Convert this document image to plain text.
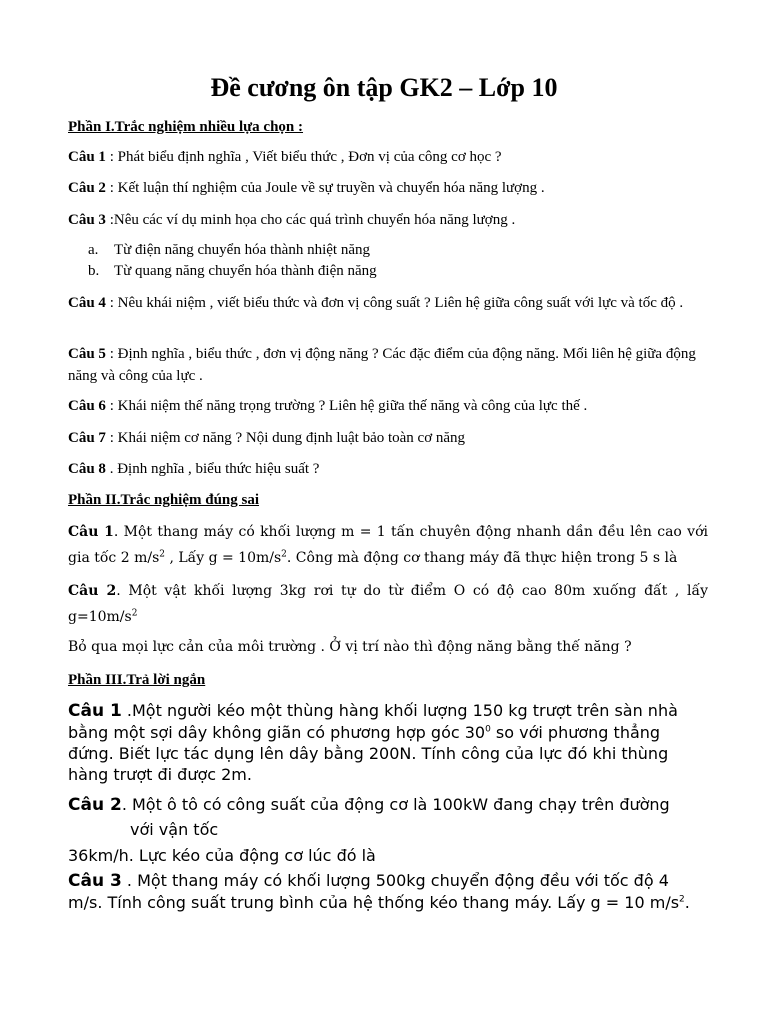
Đề cương ôn tập GK2 – Lớp 10
Phần I.Trắc nghiệm nhiều lựa chọn :
Câu 1 : Phát biểu định nghĩa , Viết biểu thức , Đơn vị của công cơ học ?
Câu 2 : Kết luận thí nghiệm của Joule về sự truyền và chuyển hóa năng lượng .
Câu 3 :Nêu các ví dụ minh họa cho các quá trình chuyển hóa năng lượng .
a. Từ điện năng chuyển hóa thành nhiệt năng
b. Từ quang năng chuyển hóa thành điện năng
Câu 4 : Nêu khái niệm , viết biểu thức và đơn vị công suất ? Liên hệ giữa công suất với lực và tốc độ .
Câu 5 : Định nghĩa , biểu thức , đơn vị động năng ? Các đặc điểm của động năng. Mối liên hệ giữa động năng và công của lực .
Câu 6 : Khái niệm thế năng trọng trường ? Liên hệ giữa thế năng và công của lực thế .
Câu 7 : Khái niệm cơ năng ? Nội dung định luật bảo toàn cơ năng
Câu 8 . Định nghĩa , biểu thức hiệu suất ?
Phần II.Trắc nghiệm đúng sai
Câu 1. Một thang máy có khối lượng m = 1 tấn chuyên động nhanh dần đều lên cao với gia tốc 2 $m/s^2$ , Lấy $g = 10m/s^2$. Công mà động cơ thang máy đã thực hiện trong 5 s là
Câu 2. Một vật khối lượng 3kg rơi tự do từ điểm O có độ cao 80m xuống đất , lấy $g=10m/s^2$
Bỏ qua mọi lực cản của môi trường . Ở vị trí nào thì động năng bằng thế năng ?
Phần III.Trả lời ngắn
Câu 1 .Một người kéo một thùng hàng khối lượng 150 kg trượt trên sàn nhà bằng một sợi dây không giãn có phương hợp góc $30^0$ so với phương thẳng đứng. Biết lực tác dụng lên dây bằng 200N. Tính công của lực đó khi thùng hàng trượt đi được 2m.
Câu 2. Một ô tô có công suất của động cơ là 100kW đang chạy trên đường
với vận tốc
36km/h. Lực kéo của động cơ lúc đó là
Câu 3 . Một thang máy có khối lượng 500kg chuyển động đều với tốc độ 4 m/s. Tính công suất trung bình của hệ thống kéo thang máy. Lấy g = 10 $m/s^2$.
